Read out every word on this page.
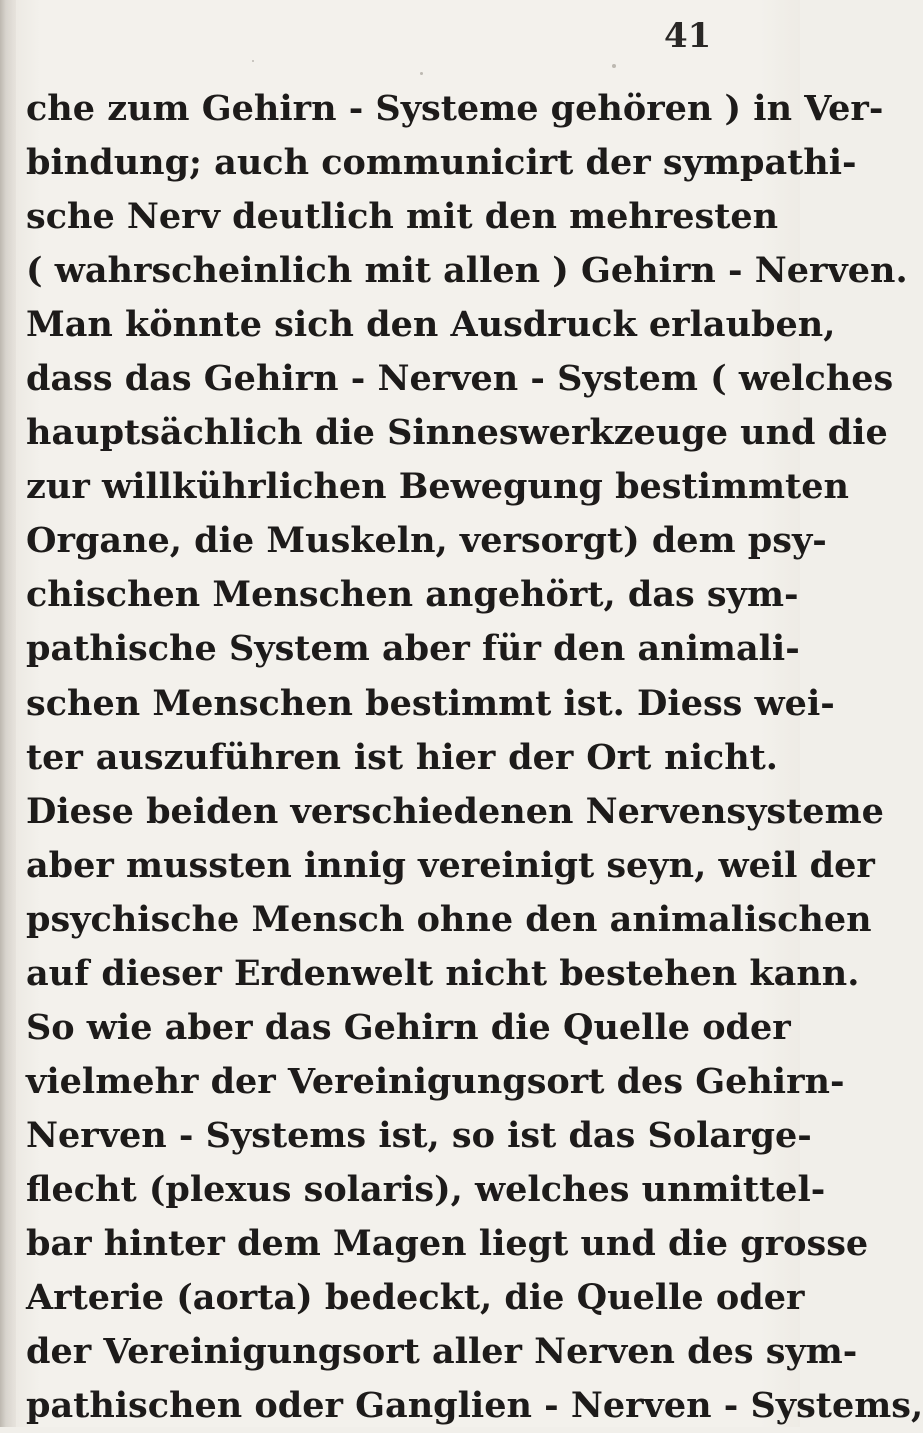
41
che zum Gehirn - Systeme gehören ) in Ver-
bindung; auch communicirt der sympathi-
sche Nerv deutlich mit den mehresten
( wahrscheinlich mit allen ) Gehirn - Nerven.
Man könnte sich den Ausdruck erlauben,
dass das Gehirn - Nerven - System ( welches
hauptsächlich die Sinneswerkzeuge und die
zur willkührlichen Bewegung bestimmten
Organe, die Muskeln, versorgt) dem psy-
chischen Menschen angehört, das sym-
pathische System aber für den animali-
schen Menschen bestimmt ist. Diess wei-
ter auszuführen ist hier der Ort nicht.
Diese beiden verschiedenen Nervensysteme
aber mussten innig vereinigt seyn, weil der
psychische Mensch ohne den animalischen
auf dieser Erdenwelt nicht bestehen kann.
So wie aber das Gehirn die Quelle oder
vielmehr der Vereinigungsort des Gehirn-
Nerven - Systems ist, so ist das Solarge-
flecht (plexus solaris), welches unmittel-
bar hinter dem Magen liegt und die grosse
Arterie (aorta) bedeckt, die Quelle oder
der Vereinigungsort aller Nerven des sym-
pathischen oder Ganglien - Nerven - Systems,
